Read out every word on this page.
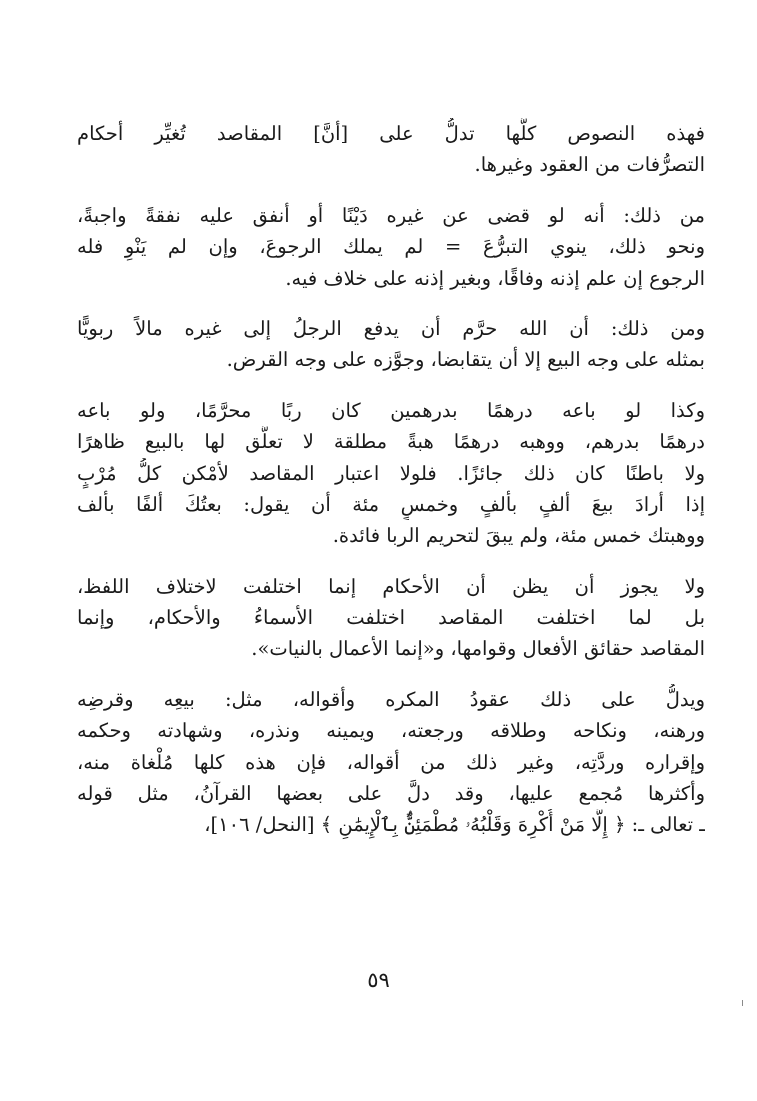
فهذه النصوص كلُّها تدلُّ على [أنَّ] المقاصد تُغيِّر أحكام
التصرُّفات من العقود وغيرها.
من ذلك: أنه لو قضى عن غيره دَيْنًا أو أنفق عليه نفقةً واجبةً،
ونحو ذلك، ينوي التبرُّعَ = لم يملك الرجوعَ، وإن لم يَنْوِ فله
الرجوع إن علم إذنه وفاقًا، وبغير إذنه على خلاف فيه.
ومن ذلك: أن الله حرَّم أن يدفع الرجلُ إلى غيره مالاً ربويًّا
بمثله على وجه البيع إلا أن يتقابضا، وجوَّزه على وجه القرض.
وكذا لو باعه درهمًا بدرهمين كان ربًا محرَّمًا، ولو باعه
درهمًا بدرهم، ووهبه درهمًا هبةً مطلقة لا تعلُّق لها بالبيع ظاهرًا
ولا باطنًا كان ذلك جائزًا. فلولا اعتبار المقاصد لأمْكن كلُّ مُرْبٍ
إذا أرادَ بيعَ ألفٍ بألفٍ وخمسٍ مئة أن يقول: بعتُكَ ألفًا بألف
ووهبتك خمس مئة، ولم يبقَ لتحريم الربا فائدة.
ولا يجوز أن يظن أن الأحكام إنما اختلفت لاختلاف اللفظ،
بل لما اختلفت المقاصد اختلفت الأسماءُ والأحكام، وإنما
المقاصد حقائق الأفعال وقوامها، و«إنما الأعمال بالنيات».
ويدلُّ على ذلك عقودُ المكره وأقواله، مثل: بيعِه وقرضِه
ورهنه، ونكاحه وطلاقه ورجعته، ويمينه ونذره، وشهادته وحكمه
وإقراره وردَّتِه، وغير ذلك من أقواله، فإن هذه كلها مُلْغاة منه،
وأكثرها مُجمع عليها، وقد دلَّ على بعضها القرآنُ، مثل قوله
ـ تعالى ـ: ﴿ إِلَّا مَنْ أُكْرِهَ وَقَلْبُهُۥ مُطْمَئِنٌّۢ بِٱلْإِيمَٰنِ ﴾ [النحل/ ١٠٦]،
٥٩
